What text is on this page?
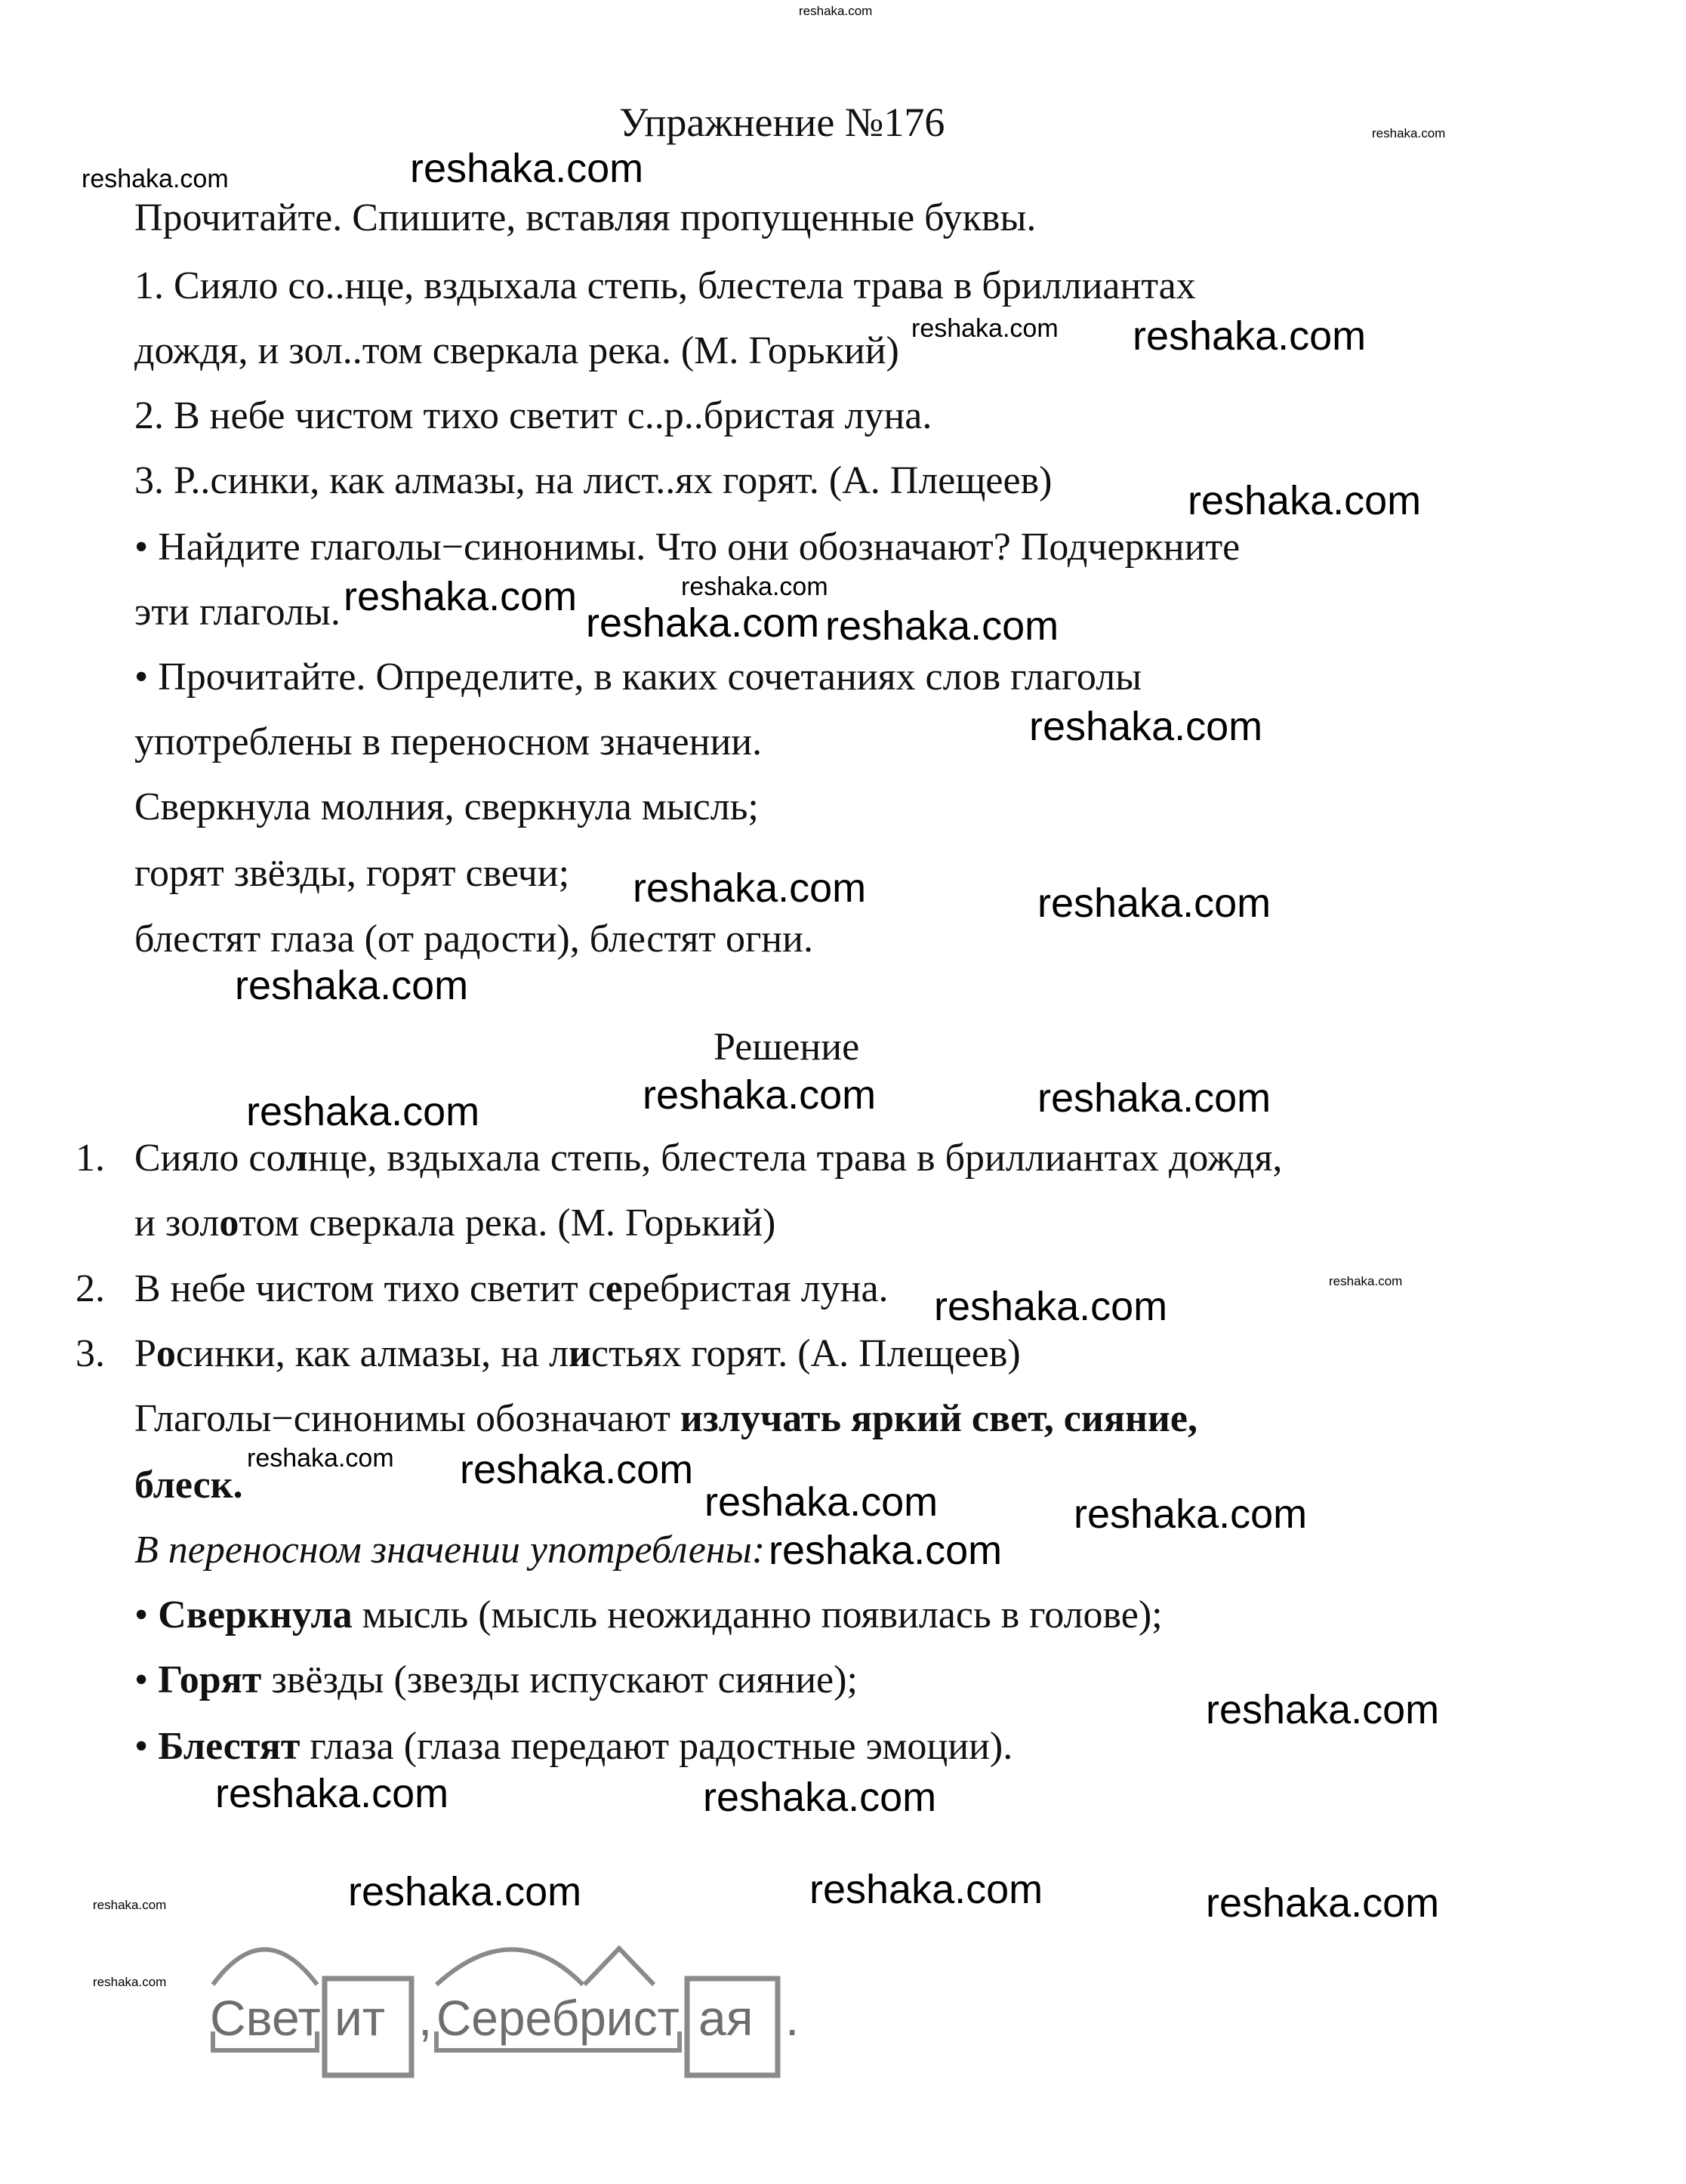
Упражнение №176
Прочитайте. Спишите, вставляя пропущенные буквы.
1. Сияло со..нце, вздыхала степь, блестела трава в бриллиантах
дождя, и зол..том сверкала река. (М. Горький)
2. В небе чистом тихо светит с..р..бристая луна.
3. Р..синки, как алмазы, на лист..ях горят. (А. Плещеев)
• Найдите глаголы−синонимы. Что они обозначают? Подчеркните
эти глаголы.
• Прочитайте. Определите, в каких сочетаниях слов глаголы
употреблены в переносном значении.
Сверкнула молния, сверкнула мысль;
горят звёзды, горят свечи;
блестят глаза (от радости), блестят огни.
Решение
1.
2.
3.
Сияло солнце, вздыхала степь, блестела трава в бриллиантах дождя,
и золотом сверкала река. (М. Горький)
В небе чистом тихо светит серебристая луна.
Росинки, как алмазы, на листьях горят. (А. Плещеев)
Глаголы−синонимы обозначают излучать яркий свет, сияние,
блеск.
В переносном значении употреблены:
• Сверкнула мысль (мысль неожиданно появилась в голове);
• Горят звёзды (звезды испускают сияние);
• Блестят глаза (глаза передают радостные эмоции).
Свет ит , Серебрист ая .
reshaka.com
reshaka.com	reshaka.com
reshaka.com
reshaka.com reshaka.com
reshaka.com	reshaka.com
reshaka.com
reshaka.com reshaka.com
reshaka.com
reshaka.com
reshaka.com	reshaka.com
reshaka.com	reshaka.com
reshaka.com
reshaka.com
reshaka.com reshaka.com
reshaka.com
reshaka.com
reshaka.com
reshaka.com
reshaka.com	reshaka.com
reshaka.com
reshaka.com	reshaka.com	reshaka.com	reshaka.com
reshaka.com
